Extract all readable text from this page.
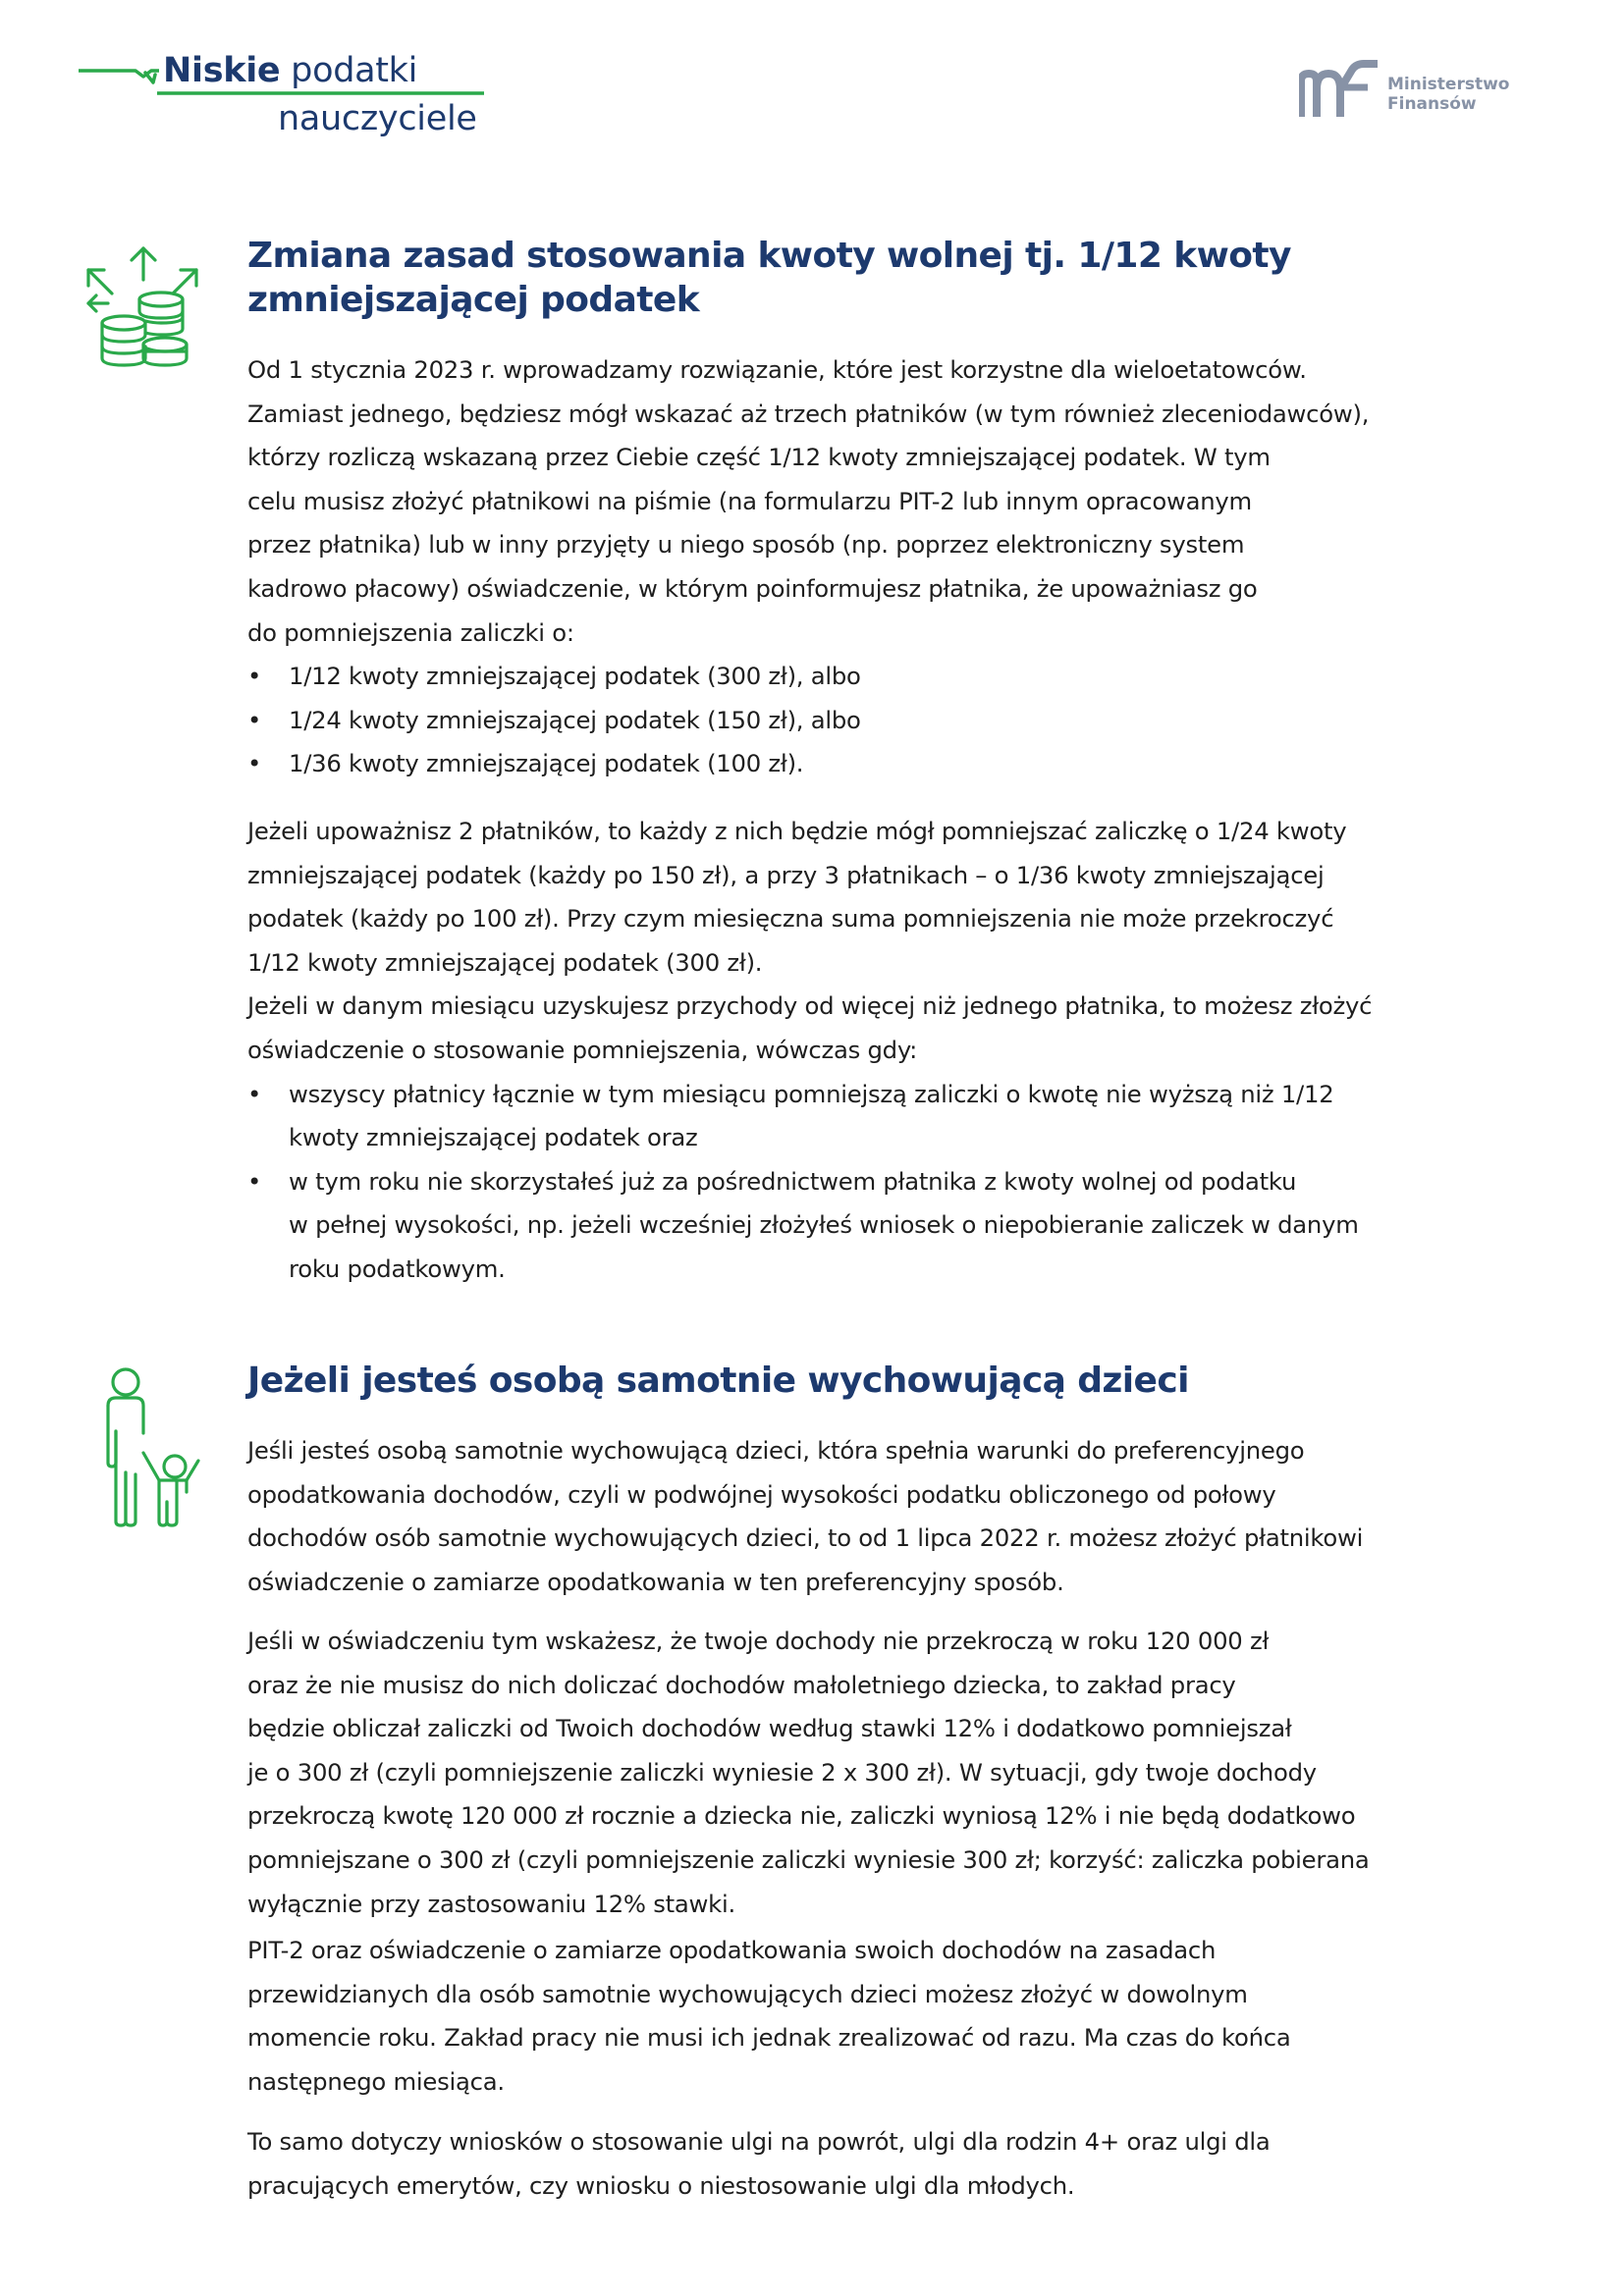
Niskie podatki
nauczyciele
Ministerstwo
Finansów
Zmiana zasad stosowania kwoty wolnej tj. 1/12 kwoty zmniejszającej podatek

Od 1 stycznia 2023 r. wprowadzamy rozwiązanie, które jest korzystne dla wieloetatowców.

Zamiast jednego, będziesz mógł wskazać aż trzech płatników (w tym również zleceniodawców),

którzy rozliczą wskazaną przez Ciebie część 1/12 kwoty zmniejszającej podatek. W tym

celu musisz złożyć płatnikowi na piśmie (na formularzu PIT-2 lub innym opracowanym

przez płatnika) lub w inny przyjęty u niego sposób (np. poprzez elektroniczny system

kadrowo płacowy) oświadczenie, w którym poinformujesz płatnika, że upoważniasz go

do pomniejszenia zaliczki o:

• 1/12 kwoty zmniejszającej podatek (300 zł), albo
• 1/24 kwoty zmniejszającej podatek (150 zł), albo
• 1/36 kwoty zmniejszającej podatek (100 zł).

Jeżeli upoważnisz 2 płatników, to każdy z nich będzie mógł pomniejszać zaliczkę o 1/24 kwoty

zmniejszającej podatek (każdy po 150 zł), a przy 3 płatnikach – o 1/36 kwoty zmniejszającej

podatek (każdy po 100 zł). Przy czym miesięczna suma pomniejszenia nie może przekroczyć

1/12 kwoty zmniejszającej podatek (300 zł).

Jeżeli w danym miesiącu uzyskujesz przychody od więcej niż jednego płatnika, to możesz złożyć

oświadczenie o stosowanie pomniejszenia, wówczas gdy:

• wszyscy płatnicy łącznie w tym miesiącu pomniejszą zaliczki o kwotę nie wyższą niż 1/12
kwoty zmniejszającej podatek oraz
• w tym roku nie skorzystałeś już za pośrednictwem płatnika z kwoty wolnej od podatku
w pełnej wysokości, np. jeżeli wcześniej złożyłeś wniosek o niepobieranie zaliczek w danym
roku podatkowym.
Jeżeli jesteś osobą samotnie wychowującą dzieci

Jeśli jesteś osobą samotnie wychowującą dzieci, która spełnia warunki do preferencyjnego

opodatkowania dochodów, czyli w podwójnej wysokości podatku obliczonego od połowy

dochodów osób samotnie wychowujących dzieci, to od 1 lipca 2022 r. możesz złożyć płatnikowi

oświadczenie o zamiarze opodatkowania w ten preferencyjny sposób.

Jeśli w oświadczeniu tym wskażesz, że twoje dochody nie przekroczą w roku 120 000 zł

oraz że nie musisz do nich doliczać dochodów małoletniego dziecka, to zakład pracy

będzie obliczał zaliczki od Twoich dochodów według stawki 12% i dodatkowo pomniejszał

je o 300 zł (czyli pomniejszenie zaliczki wyniesie 2 x 300 zł). W sytuacji, gdy twoje dochody

przekroczą kwotę 120 000 zł rocznie a dziecka nie, zaliczki wyniosą 12% i nie będą dodatkowo

pomniejszane o 300 zł (czyli pomniejszenie zaliczki wyniesie 300 zł; korzyść: zaliczka pobierana

wyłącznie przy zastosowaniu 12% stawki.

PIT-2 oraz oświadczenie o zamiarze opodatkowania swoich dochodów na zasadach

przewidzianych dla osób samotnie wychowujących dzieci możesz złożyć w dowolnym

momencie roku. Zakład pracy nie musi ich jednak zrealizować od razu. Ma czas do końca

następnego miesiąca.

To samo dotyczy wniosków o stosowanie ulgi na powrót, ulgi dla rodzin 4+ oraz ulgi dla

pracujących emerytów, czy wniosku o niestosowanie ulgi dla młodych.
